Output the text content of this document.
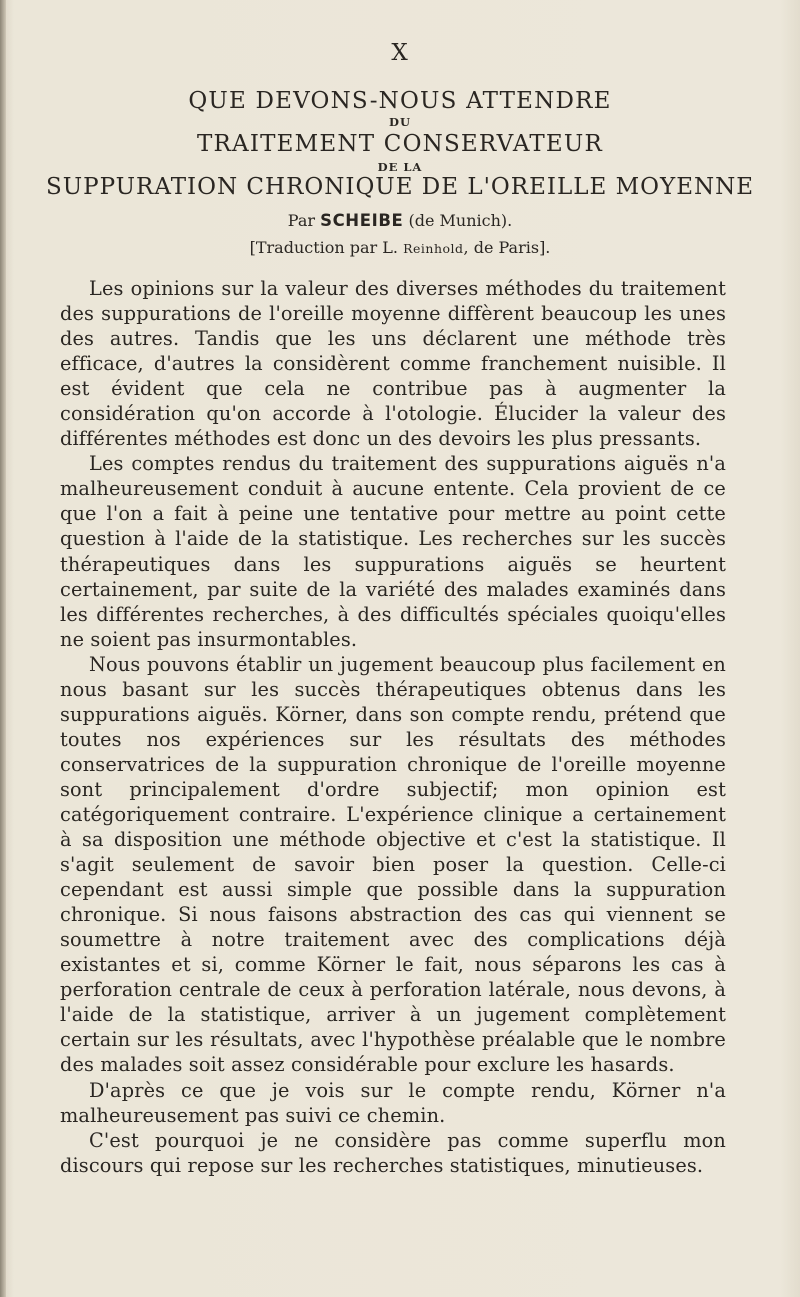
X
QUE DEVONS-NOUS ATTENDRE
DU
TRAITEMENT CONSERVATEUR
DE LA
SUPPURATION CHRONIQUE DE L'OREILLE MOYENNE
Par SCHEIBE (de Munich).
[Traduction par L. Reinhold, de Paris].

Les opinions sur la valeur des diverses méthodes du traitement des suppurations de l'oreille moyenne diffèrent beaucoup les unes des autres. Tandis que les uns déclarent une méthode très efficace, d'autres la considèrent comme franchement nuisible. Il est évident que cela ne contribue pas à augmenter la considération qu'on accorde à l'otologie. Élucider la valeur des différentes méthodes est donc un des devoirs les plus pressants.

Les comptes rendus du traitement des suppurations aiguës n'a malheureusement conduit à aucune entente. Cela provient de ce que l'on a fait à peine une tentative pour mettre au point cette question à l'aide de la statistique. Les recherches sur les succès thérapeutiques dans les suppurations aiguës se heurtent certainement, par suite de la variété des malades examinés dans les différentes recherches, à des difficultés spéciales quoiqu'elles ne soient pas insurmontables.

Nous pouvons établir un jugement beaucoup plus facilement en nous basant sur les succès thérapeutiques obtenus dans les suppurations aiguës. Körner, dans son compte rendu, prétend que toutes nos expériences sur les résultats des méthodes conservatrices de la suppuration chronique de l'oreille moyenne sont principalement d'ordre subjectif; mon opinion est catégoriquement contraire. L'expérience clinique a certainement à sa disposition une méthode objective et c'est la statistique. Il s'agit seulement de savoir bien poser la question. Celle-ci cependant est aussi simple que possible dans la suppuration chronique. Si nous faisons abstraction des cas qui viennent se soumettre à notre traitement avec des complications déjà existantes et si, comme Körner le fait, nous séparons les cas à perforation centrale de ceux à perforation latérale, nous devons, à l'aide de la statistique, arriver à un jugement complètement certain sur les résultats, avec l'hypothèse préalable que le nombre des malades soit assez considérable pour exclure les hasards.

D'après ce que je vois sur le compte rendu, Körner n'a malheureusement pas suivi ce chemin.

C'est pourquoi je ne considère pas comme superflu mon discours qui repose sur les recherches statistiques, minutieuses.
